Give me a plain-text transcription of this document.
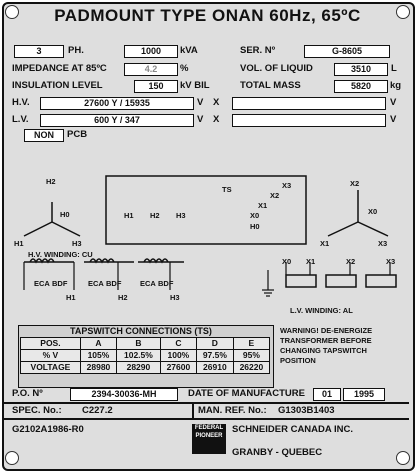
PADMOUNT TYPE ONAN 60Hz, 65ºC
3	PH.	1000	kVA	SER. Nº	G-8605
IMPEDANCE AT 85ºC	4.2	%	VOL. OF LIQUID	3510	L
INSULATION LEVEL	150	kV BIL	TOTAL MASS	5820	kg
H.V.	27600 Y / 15935	V X	V
L.V.	600 Y / 347	V X	V
NON	PCB
H2
H0
H1	H3
TS
H1 H2 H3
X3
X2
X1
X0
H0
X2
X0
X1	X3
H.V. WINDING: CU
ECA BDF	ECA BDF ECA BDF
H1	H2	H3
X0 X1	X2	X3
L.V. WINDING: AL
TAPSWITCH CONNECTIONS (TS)
POS.	A	B	C	D	E
% V	105%	102.5%	100%	97.5%	95%
VOLTAGE	28980	28290	27600	26910	26220
WARNING! DE-ENERGIZE TRANSFORMER BEFORE CHANGING TAPSWITCH POSITION
P.O. Nº	2394-30036-MH	DATE OF MANUFACTURE	01	1995
SPEC. No.: C227.2	MAN. REF. No.: G1303B1403
G2102A1986-R0	FEDERAL PIONEER
SCHNEIDER CANADA INC.
GRANBY - QUEBEC
